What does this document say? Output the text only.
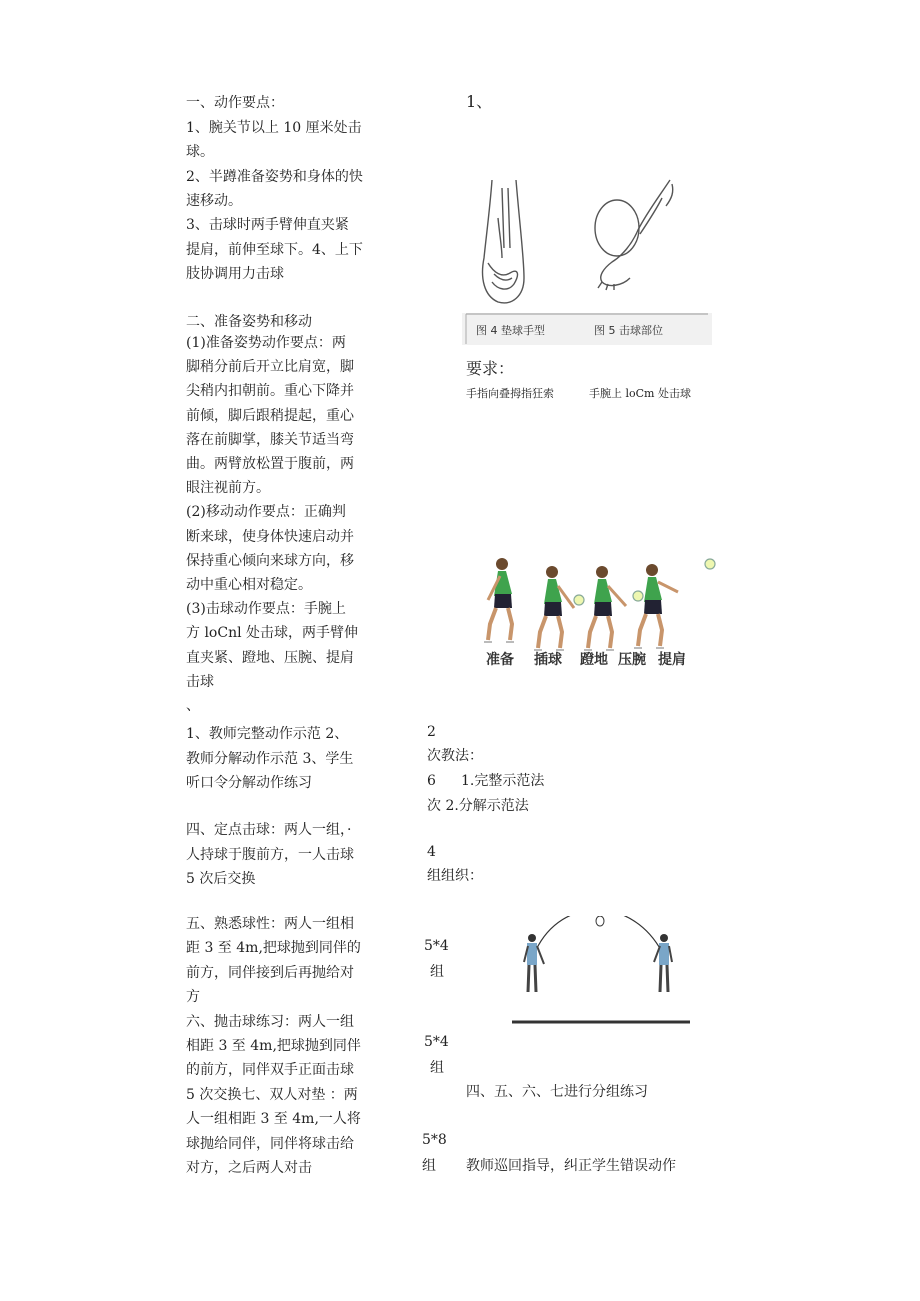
一、动作要点：
1、腕关节以上 10 厘米处击
球。
2、半蹲准备姿势和身体的快
速移动。
3、击球时两手臂伸直夹紧
提肩，前伸至球下。4、上下
肢协调用力击球
二、准备姿势和移动
(1)准备姿势动作要点：两
脚稍分前后开立比肩宽，脚
尖稍内扣朝前。重心下降并
前倾，脚后跟稍提起，重心
落在前脚掌，膝关节适当弯
曲。两臂放松置于腹前，两
眼注视前方。
(2)移动动作要点：正确判
断来球，使身体快速启动并
保持重心倾向来球方向，移
动中重心相对稳定。
(3)击球动作要点：手腕上
方 loCnl 处击球，两手臂伸
直夹紧、蹬地、压腕、提肩
击球
、
1、教师完整动作示范 2、
教师分解动作示范 3、学生
听口令分解动作练习
四、定点击球：两人一组，·
人持球于腹前方，一人击球
5 次后交换
五、熟悉球性：两人一组相
距 3 至 4m,把球抛到同伴的
前方，同伴接到后再抛给对
方
六、抛击球练习：两人一组
相距 3 至 4m,把球抛到同伴
的前方，同伴双手正面击球
5 次交换七、双人对垫 ：两
人一组相距 3 至 4m,一人将
球抛给同伴，同伴将球击给
对方，之后两人对击
1、
图 4 垫球手型	图 5 击球部位
要求：
手指向叠拇指狂索	手腕上 loCm 处击球
准备 插球 蹬地 压腕 提肩
2
次教法：
6 1.完整示范法
次 2.分解示范法
4
组组织：
5*4
组
5*4
组
四、五、六、七进行分组练习
5*8
组 教师巡回指导，纠正学生错误动作
